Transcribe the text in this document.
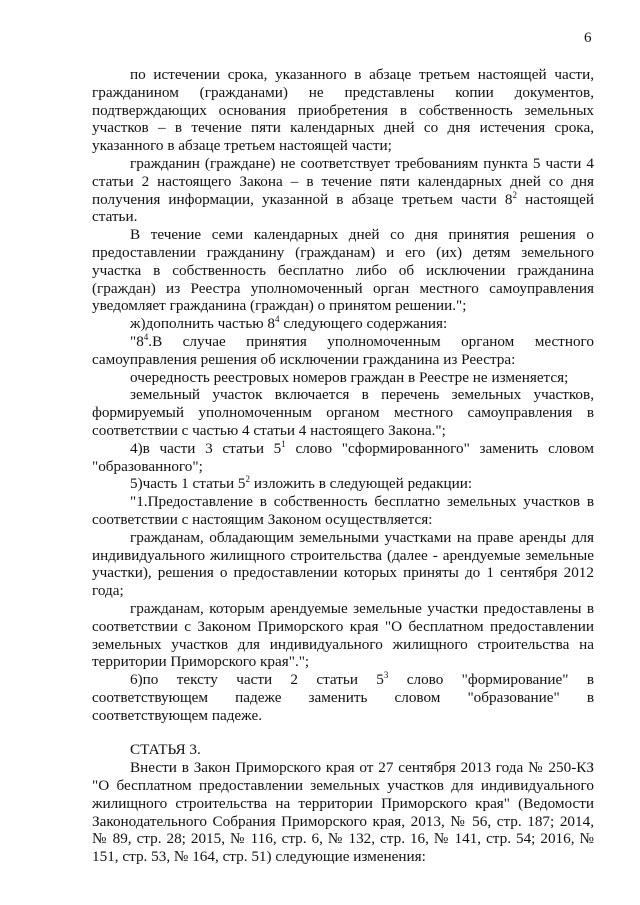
6

по истечении срока, указанного в абзаце третьем настоящей части, гражданином (гражданами) не представлены копии документов, подтверждающих основания приобретения в собственность земельных участков – в течение пяти календарных дней со дня истечения срока, указанного в абзаце третьем настоящей части;

гражданин (граждане) не соответствует требованиям пункта 5 части 4 статьи 2 настоящего Закона – в течение пяти календарных дней со дня получения информации, указанной в абзаце третьем части $8^2$ настоящей статьи.

В течение семи календарных дней со дня принятия решения о предоставлении гражданину (гражданам) и его (их) детям земельного участка в собственность бесплатно либо об исключении гражданина (граждан) из Реестра уполномоченный орган местного самоуправления уведомляет гражданина (граждан) о принятом решении.";

ж)дополнить частью $8^4$ следующего содержания:

"$8^4.В$ случае принятия уполномоченным органом местного самоуправления решения об исключении гражданина из Реестра:

очередность реестровых номеров граждан в Реестре не изменяется;

земельный участок включается в перечень земельных участков, формируемый уполномоченным органом местного самоуправления в соответствии с частью 4 статьи 4 настоящего Закона.";

4)в части 3 статьи $5^1$ слово "сформированного" заменить словом "образованного";

5)часть 1 статьи $5^2$ изложить в следующей редакции:

"1.Предоставление в собственность бесплатно земельных участков в соответствии с настоящим Законом осуществляется:

гражданам, обладающим земельными участками на праве аренды для индивидуального жилищного строительства (далее - арендуемые земельные участки), решения о предоставлении которых приняты до 1 сентября 2012 года;

гражданам, которым арендуемые земельные участки предоставлены в соответствии с Законом Приморского края "О бесплатном предоставлении земельных участков для индивидуального жилищного строительства на территории Приморского края".";

6)по тексту части 2 статьи $5^3$ слово "формирование" в соответствующем падеже заменить словом "образование" в соответствующем падеже.

СТАТЬЯ 3.

Внести в Закон Приморского края от 27 сентября 2013 года № 250-КЗ "О бесплатном предоставлении земельных участков для индивидуального жилищного строительства на территории Приморского края" (Ведомости Законодательного Собрания Приморского края, 2013, № 56, стр. 187; 2014, № 89, стр. 28; 2015, № 116, стр. 6, № 132, стр. 16, № 141, стр. 54; 2016, № 151, стр. 53, № 164, стр. 51) следующие изменения:
